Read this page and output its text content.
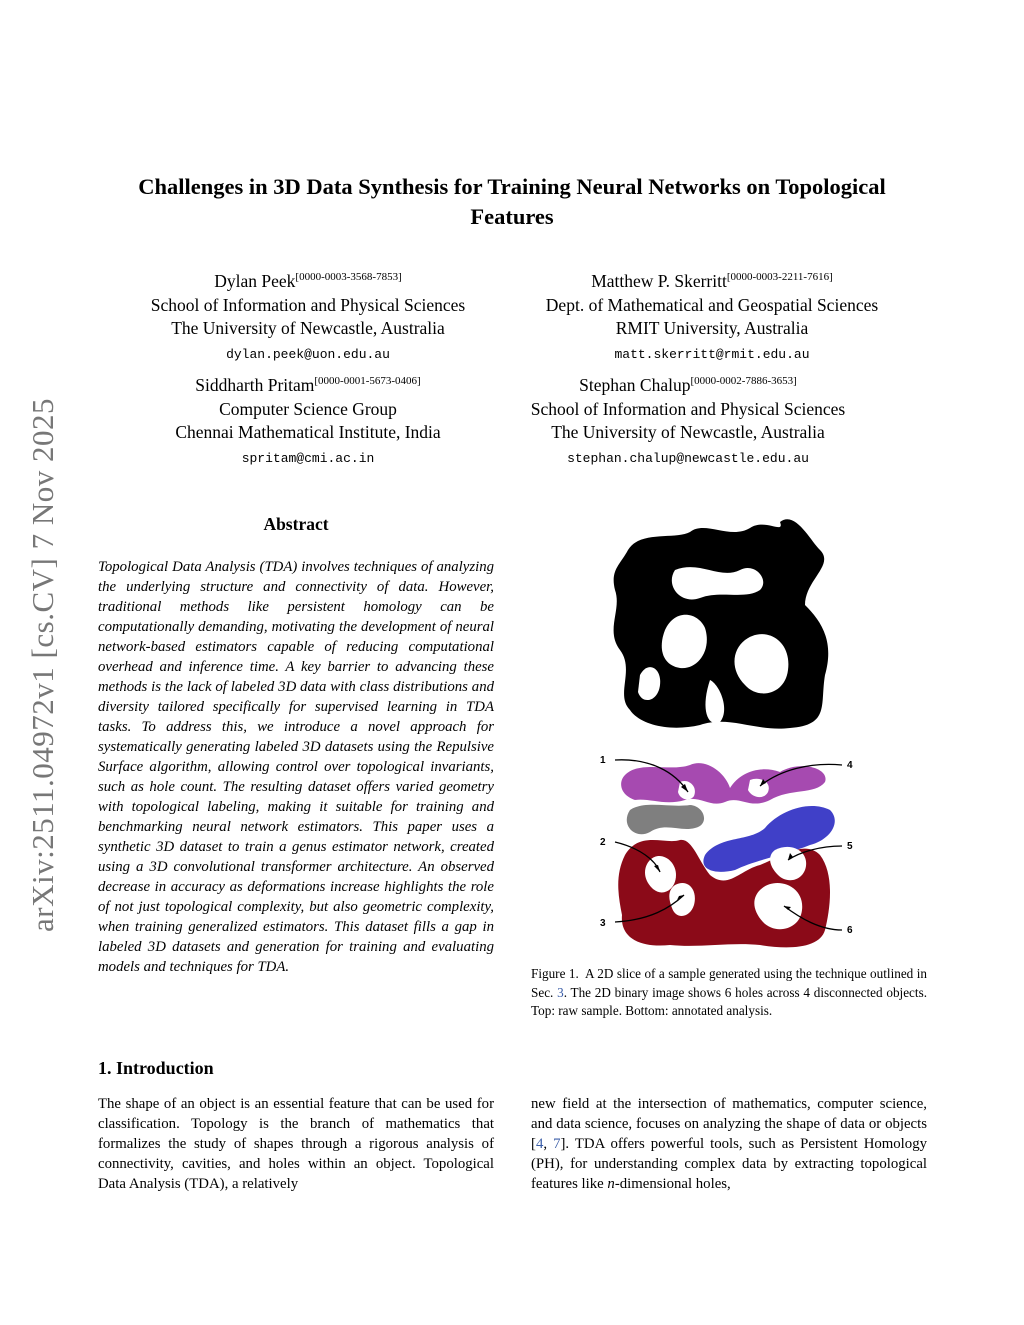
arXiv:2511.04972v1 [cs.CV] 7 Nov 2025
Challenges in 3D Data Synthesis for Training Neural Networks on Topological Features
Dylan Peek[0000-0003-3568-7853]
School of Information and Physical Sciences
The University of Newcastle, Australia
dylan.peek@uon.edu.au
Matthew P. Skerritt[0000-0003-2211-7616]
Dept. of Mathematical and Geospatial Sciences
RMIT University, Australia
matt.skerritt@rmit.edu.au
Siddharth Pritam[0000-0001-5673-0406]
Computer Science Group
Chennai Mathematical Institute, India
spritam@cmi.ac.in
Stephan Chalup[0000-0002-7886-3653]
School of Information and Physical Sciences
The University of Newcastle, Australia
stephan.chalup@newcastle.edu.au
Abstract
Topological Data Analysis (TDA) involves techniques of analyzing the underlying structure and connectivity of data. However, traditional methods like persistent homology can be computationally demanding, motivating the development of neural network-based estimators capable of reducing computational overhead and inference time. A key barrier to advancing these methods is the lack of labeled 3D data with class distributions and diversity tailored specifically for supervised learning in TDA tasks. To address this, we introduce a novel approach for systematically generating labeled 3D datasets using the Repulsive Surface algorithm, allowing control over topological invariants, such as hole count. The resulting dataset offers varied geometry with topological labeling, making it suitable for training and benchmarking neural network estimators. This paper uses a synthetic 3D dataset to train a genus estimator network, created using a 3D convolutional transformer architecture. An observed decrease in accuracy as deformations increase highlights the role of not just topological complexity, but also geometric complexity, when training generalized estimators. This dataset fills a gap in labeled 3D datasets and generation for training and evaluating models and techniques for TDA.
1	4
2	5
3
6
Figure 1. A 2D slice of a sample generated using the technique outlined in Sec. 3. The 2D binary image shows 6 holes across 4 disconnected objects. Top: raw sample. Bottom: annotated analysis.
1. Introduction
The shape of an object is an essential feature that can be used for classification. Topology is the branch of mathematics that formalizes the study of shapes through a rigorous analysis of connectivity, cavities, and holes within an object. Topological Data Analysis (TDA), a relatively
new field at the intersection of mathematics, computer science, and data science, focuses on analyzing the shape of data or objects [4, 7]. TDA offers powerful tools, such as Persistent Homology (PH), for understanding complex data by extracting topological features like n-dimensional holes,
